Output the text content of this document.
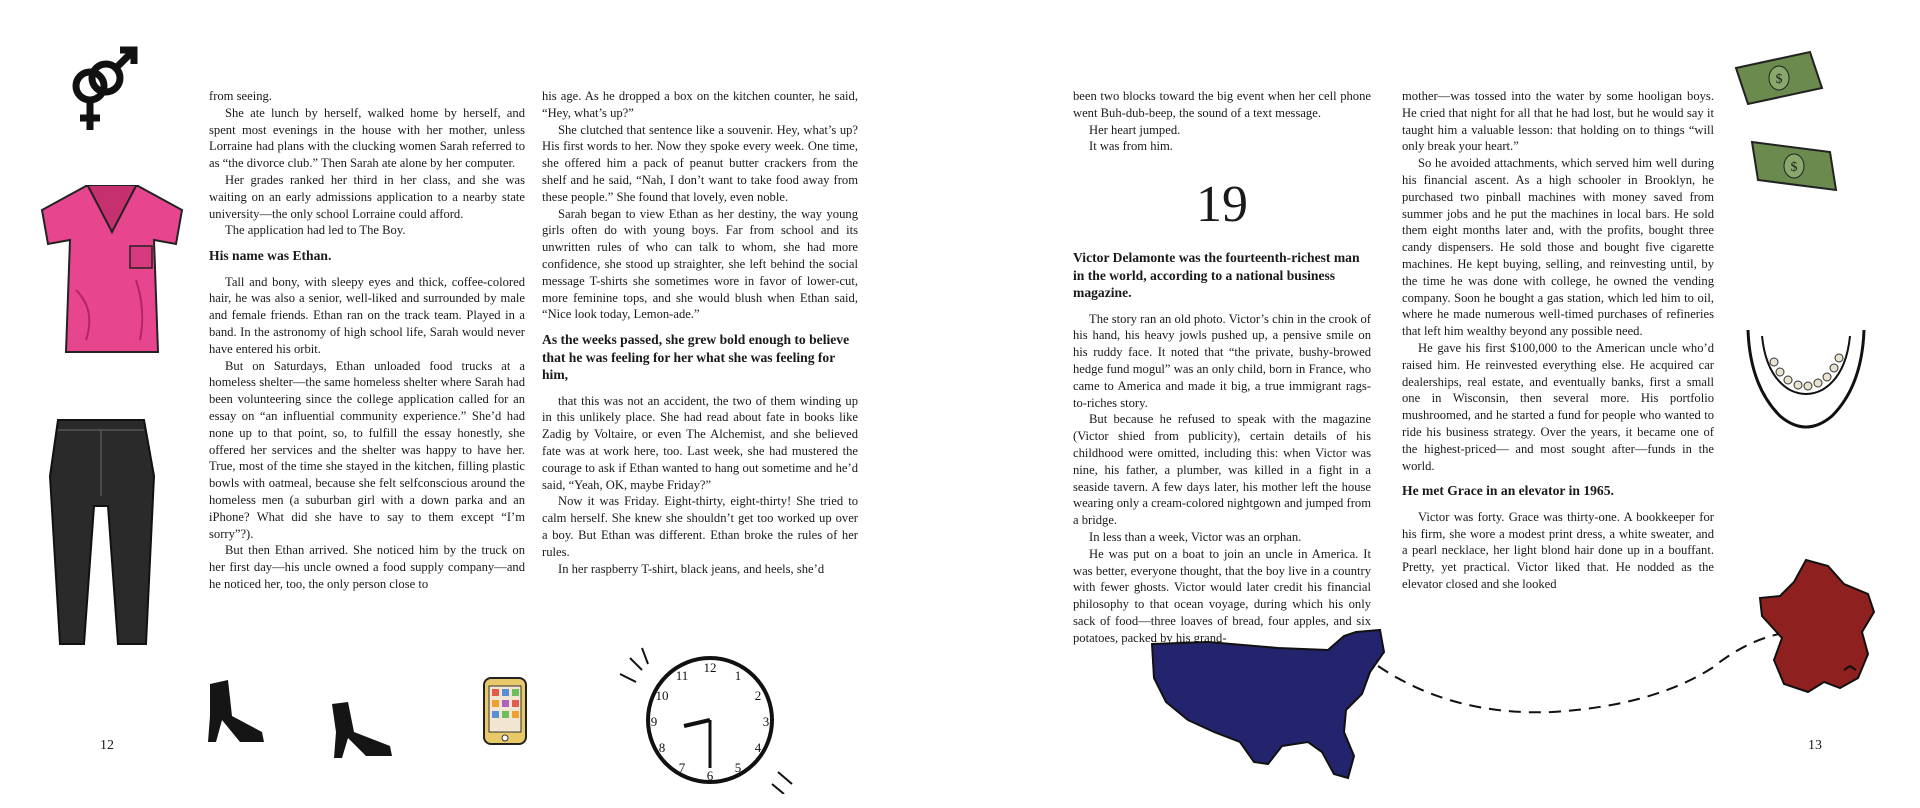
from seeing.

She ate lunch by herself, walked home by herself, and spent most evenings in the house with her mother, unless Lorraine had plans with the clucking women Sarah referred to as “the divorce club.” Then Sarah ate alone by her computer.

Her grades ranked her third in her class, and she was waiting on an early admissions application to a nearby state university—the only school Lorraine could afford.

The application had led to The Boy.

His name was Ethan.

Tall and bony, with sleepy eyes and thick, coffee-colored hair, he was also a senior, well-liked and surrounded by male and female friends. Ethan ran on the track team. Played in a band. In the astronomy of high school life, Sarah would never have entered his orbit.

But on Saturdays, Ethan unloaded food trucks at a homeless shelter—the same homeless shelter where Sarah had been volunteering since the college application called for an essay on “an influential community experience.” She’d had none up to that point, so, to fulfill the essay honestly, she offered her services and the shelter was happy to have her. True, most of the time she stayed in the kitchen, filling plastic bowls with oatmeal, because she felt selfconscious around the homeless men (a suburban girl with a down parka and an iPhone? What did she have to say to them except “I’m sorry”?).

But then Ethan arrived. She noticed him by the truck on her first day—his uncle owned a food supply company—and he noticed her, too, the only person close to

his age. As he dropped a box on the kitchen counter, he said, “Hey, what’s up?”

She clutched that sentence like a souvenir. Hey, what’s up? His first words to her. Now they spoke every week. One time, she offered him a pack of peanut butter crackers from the shelf and he said, “Nah, I don’t want to take food away from these people.” She found that lovely, even noble.

Sarah began to view Ethan as her destiny, the way young girls often do with young boys. Far from school and its unwritten rules of who can talk to whom, she had more confidence, she stood up straighter, she left behind the social message T-shirts she sometimes wore in favor of lower-cut, more feminine tops, and she would blush when Ethan said, “Nice look today, Lemon-ade.”

As the weeks passed, she grew bold enough to believe that he was feeling for her what she was feeling for him,

that this was not an accident, the two of them winding up in this unlikely place. She had read about fate in books like Zadig by Voltaire, or even The Alchemist, and she believed fate was at work here, too. Last week, she had mustered the courage to ask if Ethan wanted to hang out sometime and he’d said, “Yeah, OK, maybe Friday?”

Now it was Friday. Eight-thirty, eight-thirty! She tried to calm herself. She knew she shouldn’t get too worked up over a boy. But Ethan was different. Ethan broke the rules of her rules.

In her raspberry T-shirt, black jeans, and heels, she’d

been two blocks toward the big event when her cell phone went Buh-dub-beep, the sound of a text message.

Her heart jumped.

It was from him.

19

Victor Delamonte was the fourteenth-richest man in the world, according to a national business magazine.

The story ran an old photo. Victor’s chin in the crook of his hand, his heavy jowls pushed up, a pensive smile on his ruddy face. It noted that “the private, bushy-browed hedge fund mogul” was an only child, born in France, who came to America and made it big, a true immigrant rags-to-riches story.

But because he refused to speak with the magazine (Victor shied from publicity), certain details of his childhood were omitted, including this: when Victor was nine, his father, a plumber, was killed in a fight in a seaside tavern. A few days later, his mother left the house wearing only a cream-colored nightgown and jumped from a bridge.

In less than a week, Victor was an orphan.

He was put on a boat to join an uncle in America. It was better, everyone thought, that the boy live in a country with fewer ghosts. Victor would later credit his financial philosophy to that ocean voyage, during which his only sack of food—three loaves of bread, four apples, and six potatoes, packed by his grand-

mother—was tossed into the water by some hooligan boys. He cried that night for all that he had lost, but he would say it taught him a valuable lesson: that holding on to things “will only break your heart.”

So he avoided attachments, which served him well during his financial ascent. As a high schooler in Brooklyn, he purchased two pinball machines with money saved from summer jobs and he put the machines in local bars. He sold them eight months later and, with the profits, bought three candy dispensers. He sold those and bought five cigarette machines. He kept buying, selling, and reinvesting until, by the time he was done with college, he owned the vending company. Soon he bought a gas station, which led him to oil, where he made numerous well-timed purchases of refineries that left him wealthy beyond any possible need.

He gave his first $100,000 to the American uncle who’d raised him. He reinvested everything else. He acquired car dealerships, real estate, and eventually banks, first a small one in Wisconsin, then several more. His portfolio mushroomed, and he started a fund for people who wanted to ride his business strategy. Over the years, it became one of the highest-priced— and most sought after—funds in the world.

He met Grace in an elevator in 1965.

Victor was forty. Grace was thirty-one. A bookkeeper for his firm, she wore a modest print dress, a white sweater, and a pearl necklace, her light blond hair done up in a bouffant. Pretty, yet practical. Victor liked that. He nodded as the elevator closed and she looked

12	13
12
1
2
3
4
5
6
7
8
9
10
11
$
$
